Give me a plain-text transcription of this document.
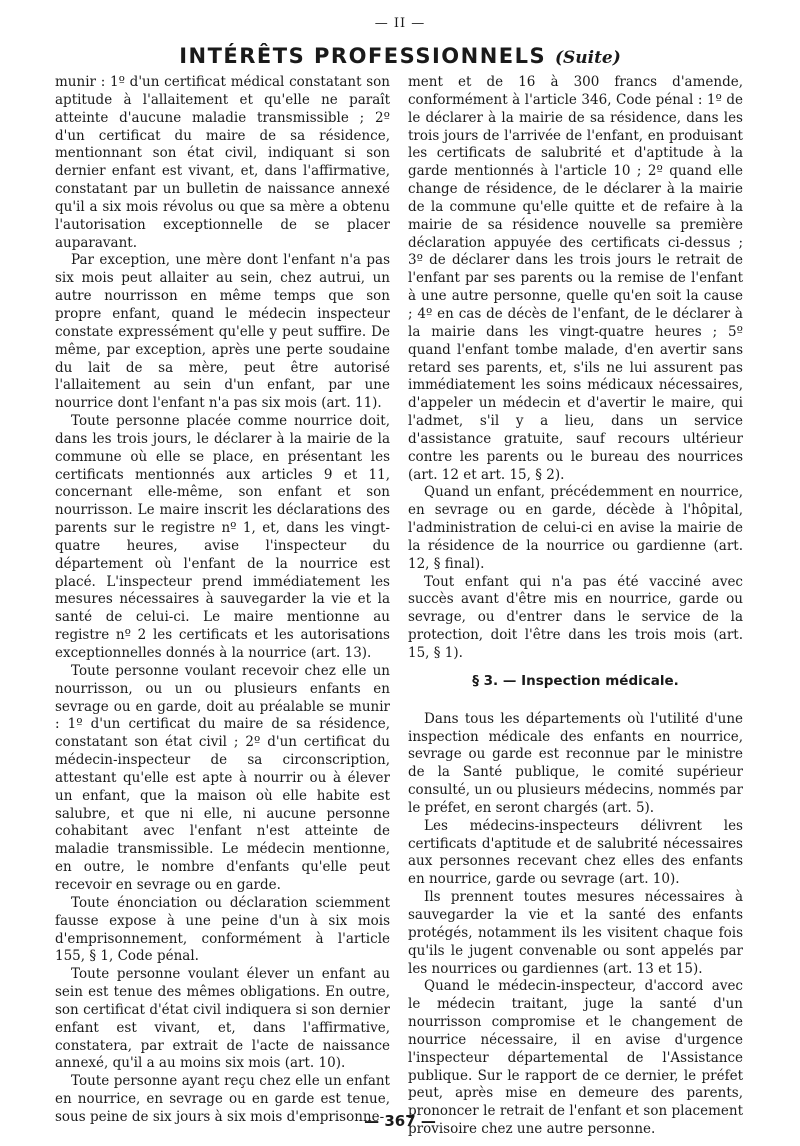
— II —
INTÉRÊTS PROFESSIONNELS (Suite)

munir : 1º d'un certificat médical constatant son aptitude à l'allaitement et qu'elle ne paraît atteinte d'aucune maladie transmissible ; 2º d'un certificat du maire de sa résidence, mentionnant son état civil, indiquant si son dernier enfant est vivant, et, dans l'affirmative, constatant par un bulletin de naissance annexé qu'il a six mois révolus ou que sa mère a obtenu l'autorisation exceptionnelle de se placer auparavant.

Par exception, une mère dont l'enfant n'a pas six mois peut allaiter au sein, chez autrui, un autre nourrisson en même temps que son propre enfant, quand le médecin inspecteur constate expressément qu'elle y peut suffire. De même, par exception, après une perte soudaine du lait de sa mère, peut être autorisé l'allaitement au sein d'un enfant, par une nourrice dont l'enfant n'a pas six mois (art. 11).

Toute personne placée comme nourrice doit, dans les trois jours, le déclarer à la mairie de la commune où elle se place, en présentant les certificats mentionnés aux articles 9 et 11, concernant elle-même, son enfant et son nourrisson. Le maire inscrit les déclarations des parents sur le registre nº 1, et, dans les vingt-quatre heures, avise l'inspecteur du département où l'enfant de la nourrice est placé. L'inspecteur prend immédiatement les mesures nécessaires à sauvegarder la vie et la santé de celui-ci. Le maire mentionne au registre nº 2 les certificats et les autorisations exceptionnelles donnés à la nourrice (art. 13).

Toute personne voulant recevoir chez elle un nourrisson, ou un ou plusieurs enfants en sevrage ou en garde, doit au préalable se munir : 1º d'un certificat du maire de sa résidence, constatant son état civil ; 2º d'un certificat du médecin-inspecteur de sa circonscription, attestant qu'elle est apte à nourrir ou à élever un enfant, que la maison où elle habite est salubre, et que ni elle, ni aucune personne cohabitant avec l'enfant n'est atteinte de maladie transmissible. Le médecin mentionne, en outre, le nombre d'enfants qu'elle peut recevoir en sevrage ou en garde.

Toute énonciation ou déclaration sciemment fausse expose à une peine d'un à six mois d'emprisonnement, conformément à l'article 155, § 1, Code pénal.

Toute personne voulant élever un enfant au sein est tenue des mêmes obligations. En outre, son certificat d'état civil indiquera si son dernier enfant est vivant, et, dans l'affirmative, constatera, par extrait de l'acte de naissance annexé, qu'il a au moins six mois (art. 10).

Toute personne ayant reçu chez elle un enfant en nourrice, en sevrage ou en garde est tenue, sous peine de six jours à six mois d'emprisonne-

ment et de 16 à 300 francs d'amende, conformément à l'article 346, Code pénal : 1º de le déclarer à la mairie de sa résidence, dans les trois jours de l'arrivée de l'enfant, en produisant les certificats de salubrité et d'aptitude à la garde mentionnés à l'article 10 ; 2º quand elle change de résidence, de le déclarer à la mairie de la commune qu'elle quitte et de refaire à la mairie de sa résidence nouvelle sa première déclaration appuyée des certificats ci-dessus ; 3º de déclarer dans les trois jours le retrait de l'enfant par ses parents ou la remise de l'enfant à une autre personne, quelle qu'en soit la cause ; 4º en cas de décès de l'enfant, de le déclarer à la mairie dans les vingt-quatre heures ; 5º quand l'enfant tombe malade, d'en avertir sans retard ses parents, et, s'ils ne lui assurent pas immédiatement les soins médicaux nécessaires, d'appeler un médecin et d'avertir le maire, qui l'admet, s'il y a lieu, dans un service d'assistance gratuite, sauf recours ultérieur contre les parents ou le bureau des nourrices (art. 12 et art. 15, § 2).

Quand un enfant, précédemment en nourrice, en sevrage ou en garde, décède à l'hôpital, l'administration de celui-ci en avise la mairie de la résidence de la nourrice ou gardienne (art. 12, § final).

Tout enfant qui n'a pas été vacciné avec succès avant d'être mis en nourrice, garde ou sevrage, ou d'entrer dans le service de la protection, doit l'être dans les trois mois (art. 15, § 1).

§ 3. — Inspection médicale.

Dans tous les départements où l'utilité d'une inspection médicale des enfants en nourrice, sevrage ou garde est reconnue par le ministre de la Santé publique, le comité supérieur consulté, un ou plusieurs médecins, nommés par le préfet, en seront chargés (art. 5).

Les médecins-inspecteurs délivrent les certificats d'aptitude et de salubrité nécessaires aux personnes recevant chez elles des enfants en nourrice, garde ou sevrage (art. 10).

Ils prennent toutes mesures nécessaires à sauvegarder la vie et la santé des enfants protégés, notamment ils les visitent chaque fois qu'ils le jugent convenable ou sont appelés par les nourrices ou gardiennes (art. 13 et 15).

Quand le médecin-inspecteur, d'accord avec le médecin traitant, juge la santé d'un nourrisson compromise et le changement de nourrice nécessaire, il en avise d'urgence l'inspecteur départemental de l'Assistance publique. Sur le rapport de ce dernier, le préfet peut, après mise en demeure des parents, prononcer le retrait de l'enfant et son placement provisoire chez une autre personne.

— 367 —
